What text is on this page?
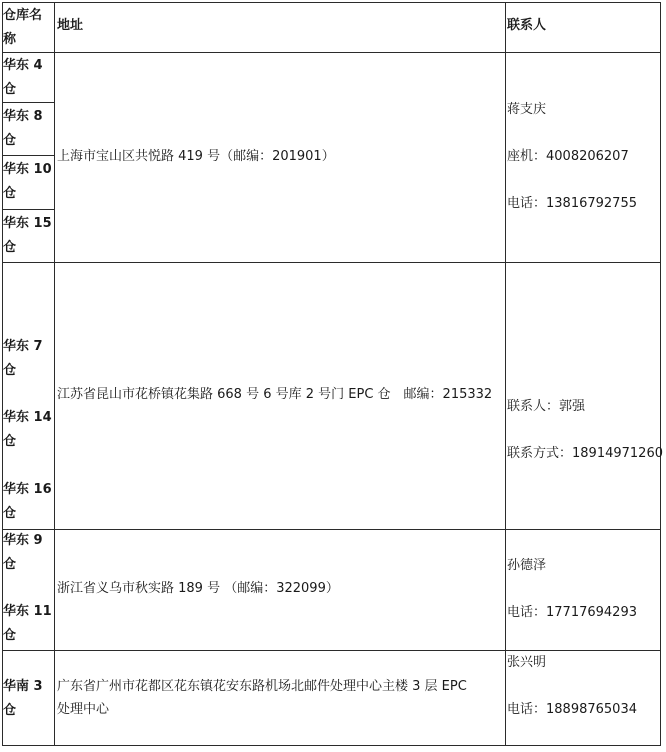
仓库名称
地址	联系人
华东 4 仓
华东 8 仓
华东 10 仓
华东 15 仓
上海市宝山区共悦路 419 号（邮编：201901）
蒋支庆
座机：4008206207
电话：13816792755
华东 7 仓
华东 14 仓
华东 16 仓
江苏省昆山市花桥镇花集路 668 号 6 号库 2 号门 EPC 仓　邮编：215332
联系人：郭强
联系方式：18914971260
华东 9 仓
华东 11 仓
浙江省义乌市秋实路 189 号 （邮编：322099）
孙德泽
电话：17717694293
华南 3 仓
广东省广州市花都区花东镇花安东路机场北邮件处理中心主楼 3 层 EPC
处理中心
张兴明
电话：18898765034
